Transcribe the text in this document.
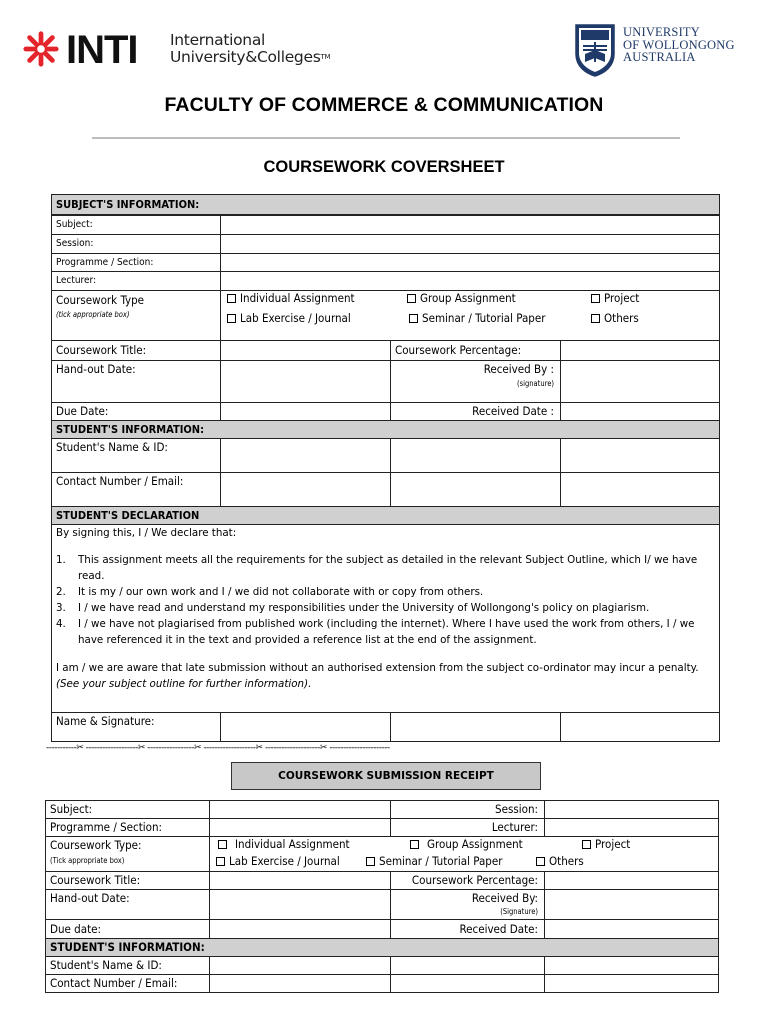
INTI International
University&Colleges™
UNIVERSITY
OF WOLLONGONG
AUSTRALIA
FACULTY OF COMMERCE & COMMUNICATION
COURSEWORK COVERSHEET
SUBJECT'S INFORMATION:
Subject:
Session:
Programme / Section:
Lecturer:
Coursework Type
(tick appropriate box)
Individual Assignment	Group Assignment	Project
Lab Exercise / Journal	Seminar / Tutorial Paper	Others
Coursework Title:	Coursework Percentage:
Hand-out Date:	Received By :
(signature)
Due Date:	Received Date :
STUDENT'S INFORMATION:
Student's Name & ID:
Contact Number / Email:
STUDENT'S DECLARATION
By signing this, I / We declare that:
1. This assignment meets all the requirements for the subject as detailed in the relevant Subject Outline, which I/ we have
read.
2. It is my / our own work and I / we did not collaborate with or copy from others.
3. I / we have read and understand my responsibilities under the University of Wollongong's policy on plagiarism.
4. I / we have not plagiarised from published work (including the internet). Where I have used the work from others, I / we
have referenced it in the text and provided a reference list at the end of the assignment.
I am / we are aware that late submission without an authorised extension from the subject co-ordinator may incur a penalty.
(See your subject outline for further information).
Name & Signature:
-----------✂ -------------------✂ -----------------✂ -------------------✂ --------------------✂ ----------------------
COURSEWORK SUBMISSION RECEIPT
Subject:	Session:
Programme / Section:	Lecturer:
Coursework Type:
(Tick appropriate box)
Individual Assignment	Group Assignment	Project
Lab Exercise / Journal	Seminar / Tutorial Paper	Others
Coursework Title:	Coursework Percentage:
Hand-out Date:	Received By:
(Signature)
Due date:	Received Date:
STUDENT'S INFORMATION:
Student's Name & ID:
Contact Number / Email:
